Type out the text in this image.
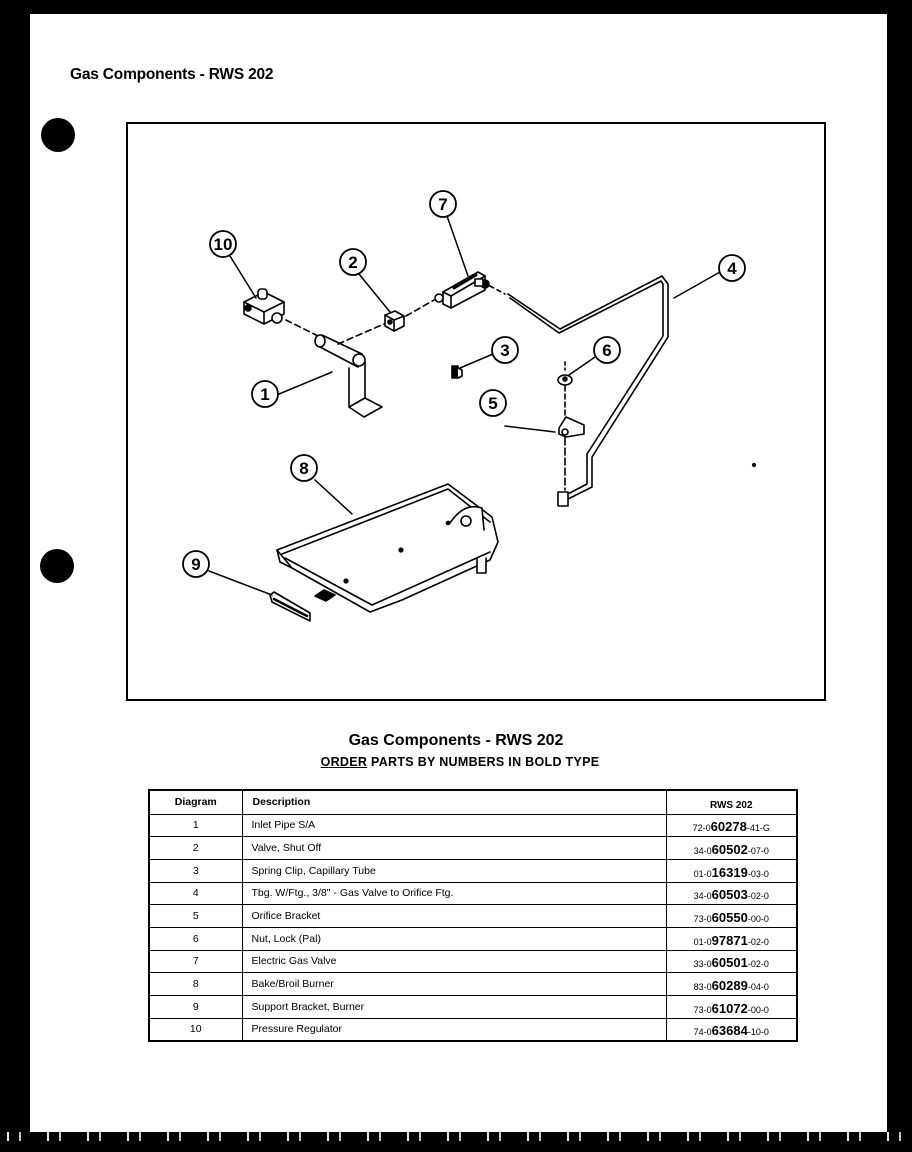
Gas Components - RWS 202
10
2
7
4
3	6
5
1
8
9
Gas Components - RWS 202
ORDER PARTS BY NUMBERS IN BOLD TYPE
Diagram	Description	RWS 202
1	Inlet Pipe S/A	72-060278-41-G
2	Valve, Shut Off	34-060502-07-0
3	Spring Clip, Capillary Tube	01-016319-03-0
4	Tbg. W/Ftg., 3/8" - Gas Valve to Orifice Ftg.	34-060503-02-0
5	Orifice Bracket	73-060550-00-0
6	Nut, Lock (Pal)	01-097871-02-0
7	Electric Gas Valve	33-060501-02-0
8	Bake/Broil Burner	83-060289-04-0
9	Support Bracket, Burner	73-061072-00-0
10	Pressure Regulator	74-063684-10-0
